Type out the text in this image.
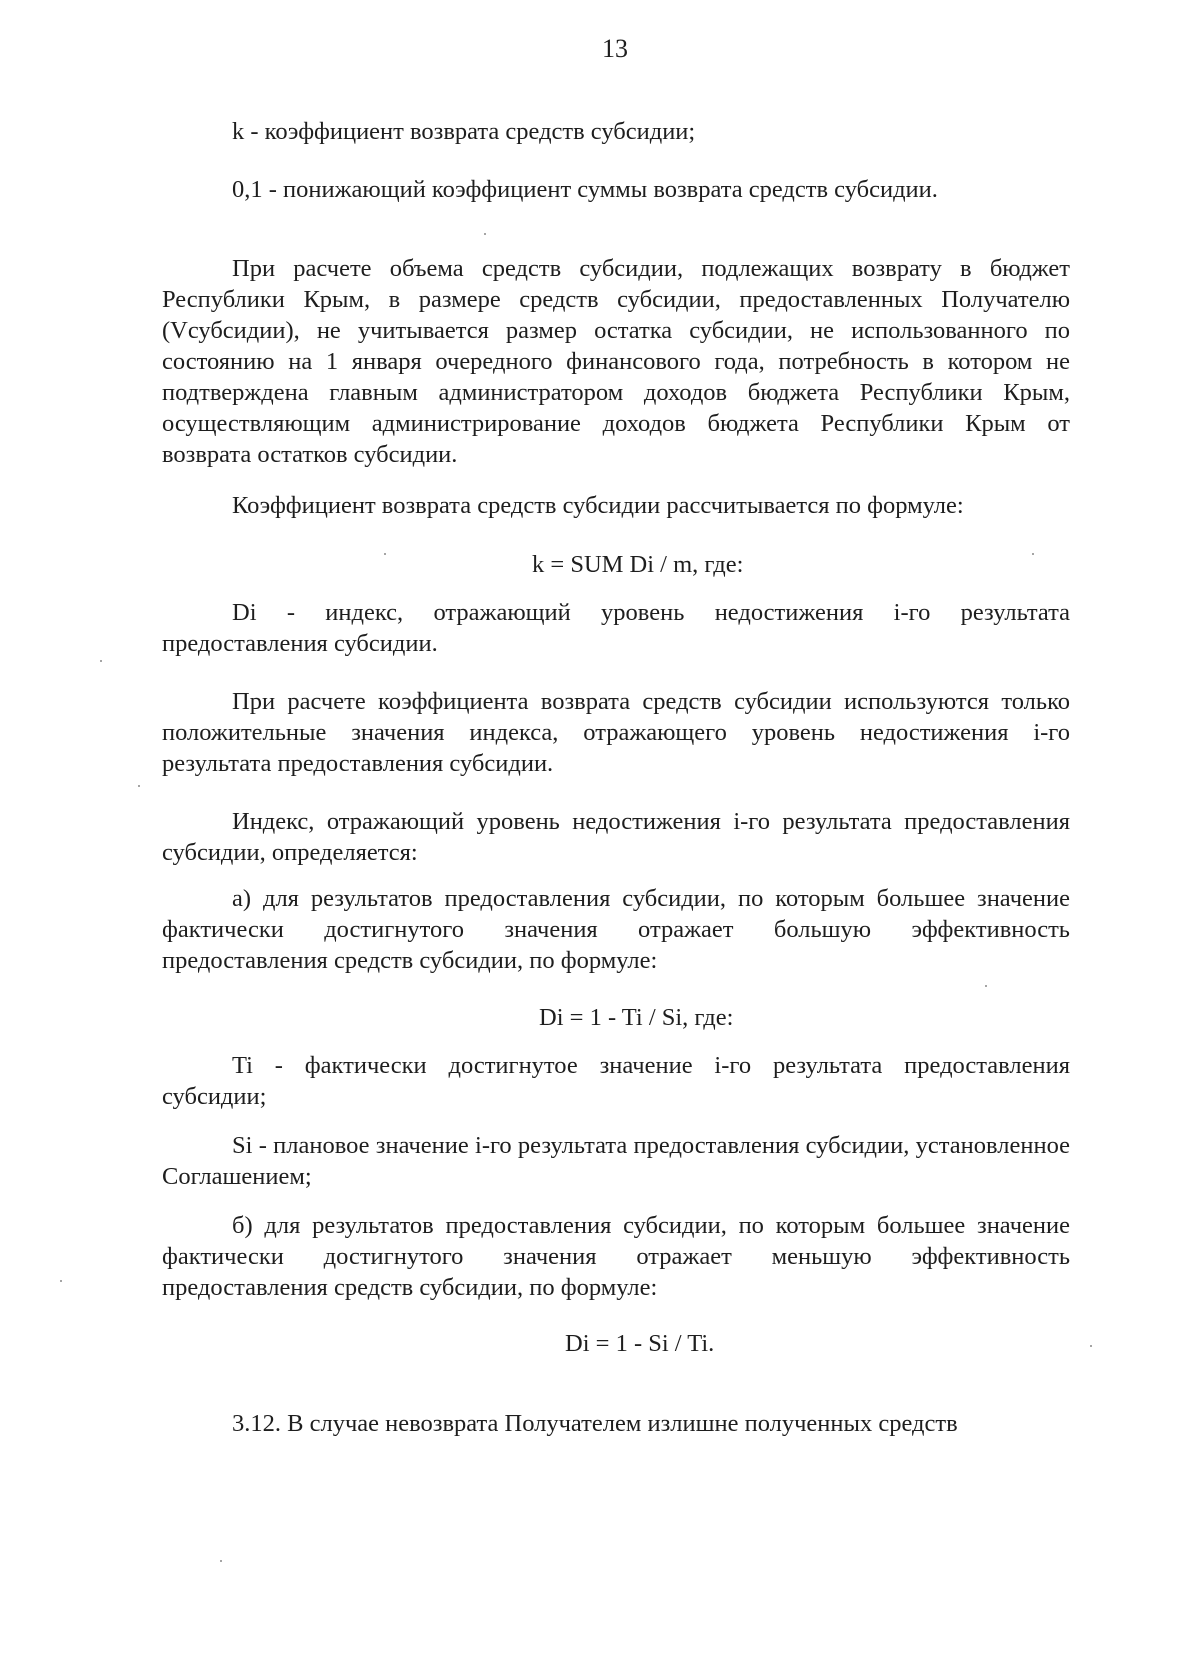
13

k - коэффициент возврата средств субсидии;

0,1 - понижающий коэффициент суммы возврата средств субсидии.

При расчете объема средств субсидии, подлежащих возврату в бюджет Республики Крым, в размере средств субсидии, предоставленных Получателю (Vсубсидии), не учитывается размер остатка субсидии, не использованного по состоянию на 1 января очередного финансового года, потребность в котором не подтверждена главным администратором доходов бюджета Республики Крым, осуществляющим администрирование доходов бюджета Республики Крым от возврата остатков субсидии.

Коэффициент возврата средств субсидии рассчитывается по формуле:

k = SUM Di / m, где:

Di - индекс, отражающий уровень недостижения i-го результата предоставления субсидии.

При расчете коэффициента возврата средств субсидии используются только положительные значения индекса, отражающего уровень недостижения i-го результата предоставления субсидии.

Индекс, отражающий уровень недостижения i-го результата предоставления субсидии, определяется:

а) для результатов предоставления субсидии, по которым большее значение фактически достигнутого значения отражает большую эффективность предоставления средств субсидии, по формуле:

Di = 1 - Ti / Si, где:

Ti - фактически достигнутое значение i-го результата предоставления субсидии;

Si - плановое значение i-го результата предоставления субсидии, установленное Соглашением;

б) для результатов предоставления субсидии, по которым большее значение фактически достигнутого значения отражает меньшую эффективность предоставления средств субсидии, по формуле:

Di = 1 - Si / Ti.

3.12. В случае невозврата Получателем излишне полученных средств
